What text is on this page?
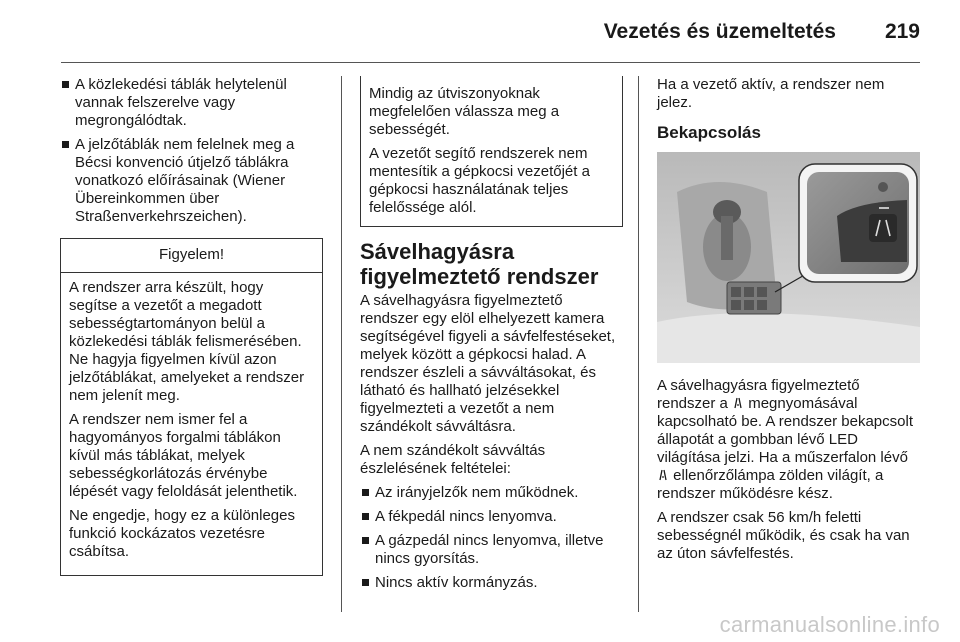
Vezetés és üzemeltetés 219
A közlekedési táblák helytelenül vannak felszerelve vagy megrongálódtak.
A jelzőtáblák nem felelnek meg a Bécsi konvenció útjelző táblákra vonatkozó előírásainak (Wiener Übereinkommen über Straßenverkehrszeichen).
Figyelem!

A rendszer arra készült, hogy segítse a vezetőt a megadott sebességtartományon belül a közlekedési táblák felismerésében. Ne hagyja figyelmen kívül azon jelzőtáblákat, amelyeket a rendszer nem jelenít meg.

A rendszer nem ismer fel a hagyományos forgalmi táblákon kívül más táblákat, melyek sebességkorlátozás érvénybe lépését vagy feloldását jelenthetik.

Ne engedje, hogy ez a különleges funkció kockázatos vezetésre csábítsa.

Mindig az útviszonyoknak megfelelően válassza meg a sebességét.

A vezetőt segítő rendszerek nem mentesítik a gépkocsi vezetőjét a gépkocsi használatának teljes felelőssége alól.

Sávelhagyásra figyelmeztető rendszer

A sávelhagyásra figyelmeztető rendszer egy elöl elhelyezett kamera segítségével figyeli a sávfelfestéseket, melyek között a gépkocsi halad. A rendszer észleli a sávváltásokat, és látható és hallható jelzésekkel figyelmezteti a vezetőt a nem szándékolt sávváltásra.

A nem szándékolt sávváltás észlelésének feltételei:

Az irányjelzők nem működnek.
A fékpedál nincs lenyomva.
A gázpedál nincs lenyomva, illetve nincs gyorsítás.
Nincs aktív kormányzás.

Ha a vezető aktív, a rendszer nem jelez.

Bekapcsolás

A sávelhagyásra figyelmeztető rendszer a  megnyomásával kapcsolható be. A rendszer bekapcsolt állapotát a gombban lévő LED világítása jelzi. Ha a műszerfalon lévő  ellenőrzőlámpa zölden világít, a rendszer működésre kész.

A rendszer csak 56 km/h feletti sebességnél működik, és csak ha van az úton sávfelfestés.

carmanualsonline.info
